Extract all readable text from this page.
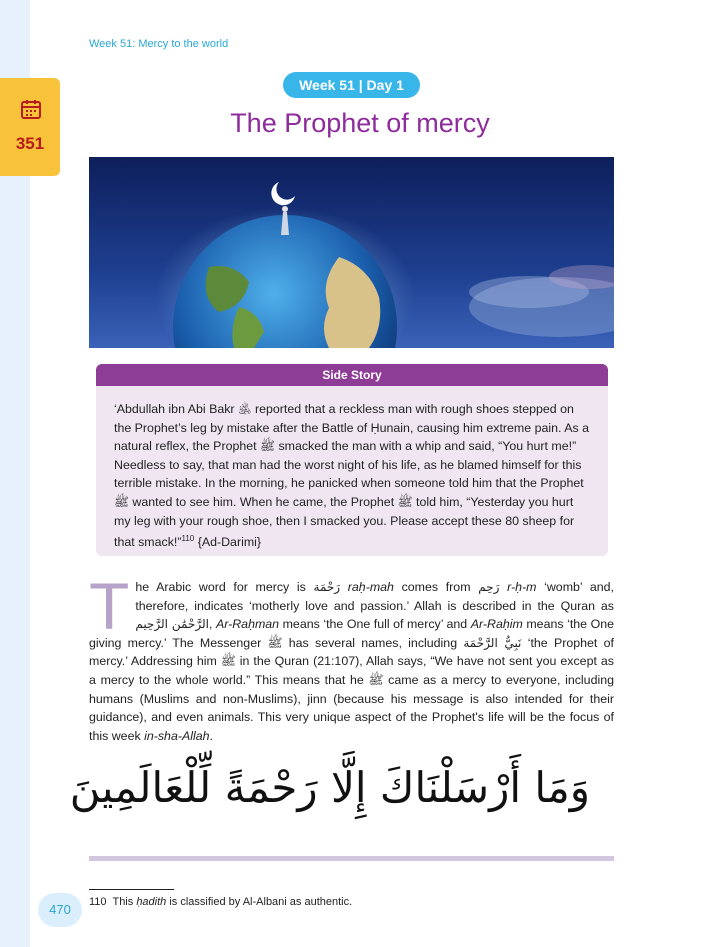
351
Week 51: Mercy to the world
Week 51 | Day 1
The Prophet of mercy
Side Story

‘Abdullah ibn Abi Bakr ﵁ reported that a reckless man with rough shoes stepped on the Prophet’s leg by mistake after the Battle of Ḥunain, causing him extreme pain. As a natural reflex, the Prophet ﷺ smacked the man with a whip and said, “You hurt me!” Needless to say, that man had the worst night of his life, as he blamed himself for this terrible mistake. In the morning, he panicked when someone told him that the Prophet ﷺ wanted to see him. When he came, the Prophet ﷺ told him, “Yesterday you hurt my leg with your rough shoe, then I smacked you. Please accept these 80 sheep for that smack!”$^{110}$ {Ad-Darimi}

The Arabic word for mercy is رَحْمَة raḥ-mah comes from رَحِم r-ḥ-m ‘womb’ and, therefore, indicates ‘motherly love and passion.’ Allah is described in the Quran as الرَّحْمَٰن الرَّحِيم, Ar-Raḥman means ‘the One full of mercy’ and Ar-Raḥim means ‘the One giving mercy.’ The Messenger ﷺ has several names, including نَبِيُّ الرَّحْمَة ‘the Prophet of mercy.’ Addressing him ﷺ in the Quran (21:107), Allah says, “We have not sent you except as a mercy to the whole world.” This means that he ﷺ came as a mercy to everyone, including humans (Muslims and non-Muslims), jinn (because his message is also intended for their guidance), and even animals. This very unique aspect of the Prophet's life will be the focus of this week in-sha-Allah.

وَمَا أَرْسَلْنَاكَ إِلَّا رَحْمَةً لِّلْعَالَمِينَ
110 This ḥadith is classified by Al-Albani as authentic.
470
